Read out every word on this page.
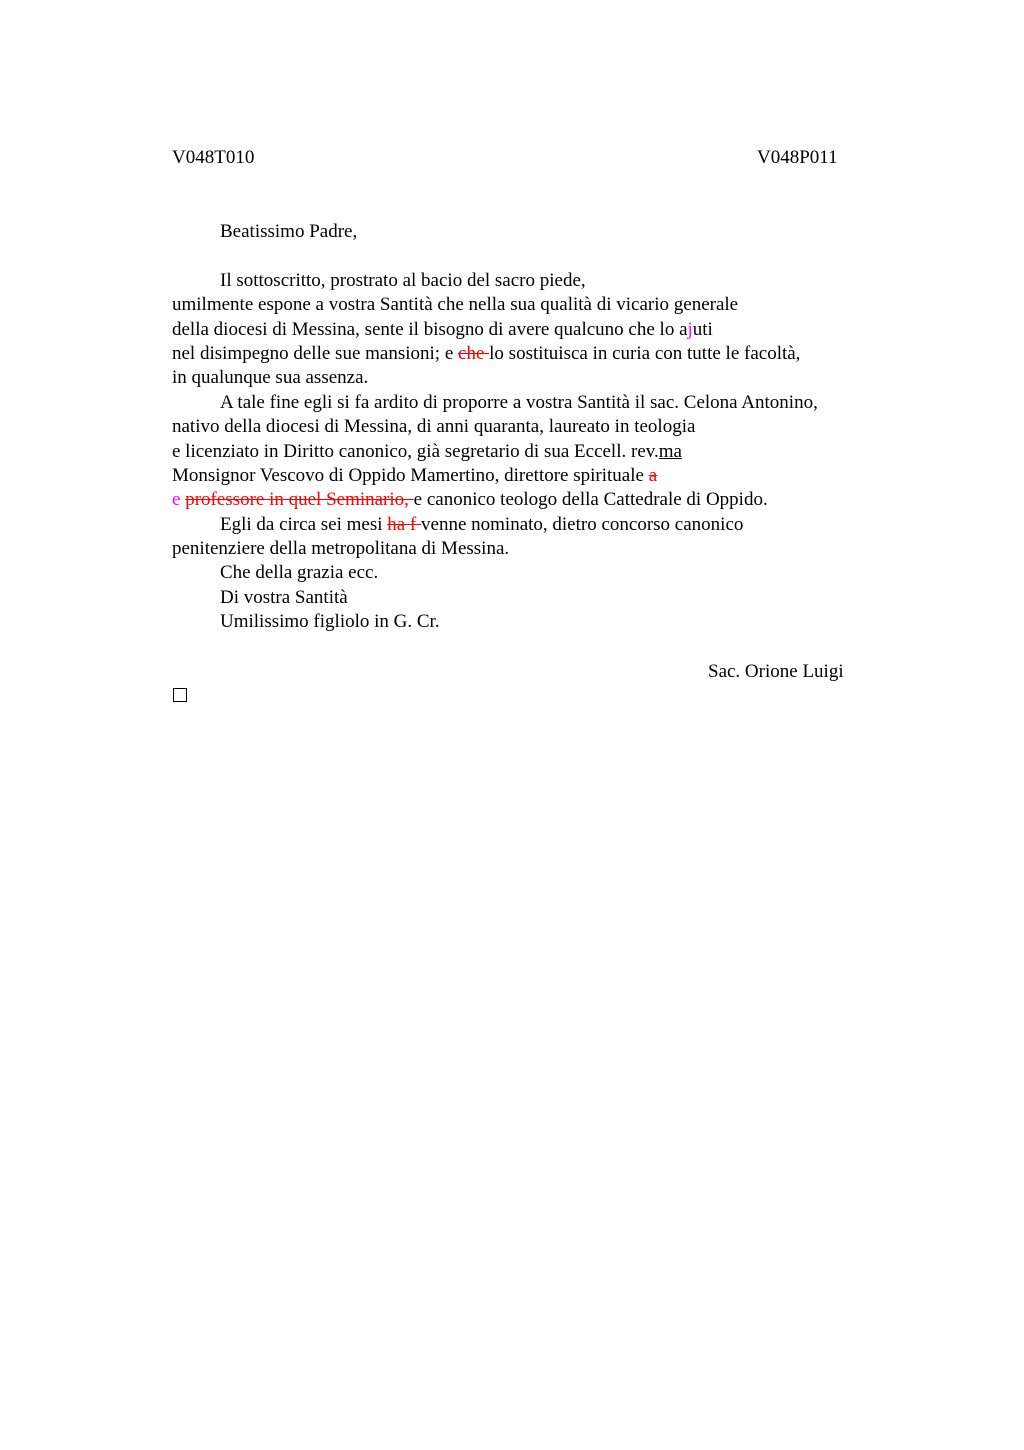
V048T010	V048P011
Beatissimo Padre,
Il sottoscritto, prostrato al bacio del sacro piede,
umilmente espone a vostra Santità che nella sua qualità di vicario generale
della diocesi di Messina, sente il bisogno di avere qualcuno che lo ajuti
nel disimpegno delle sue mansioni; e che lo sostituisca in curia con tutte le facoltà,
in qualunque sua assenza.
A tale fine egli si fa ardito di proporre a vostra Santità il sac. Celona Antonino,
nativo della diocesi di Messina, di anni quaranta, laureato in teologia
e licenziato in Diritto canonico, già segretario di sua Eccell. rev.ma
Monsignor Vescovo di Oppido Mamertino, direttore spirituale a
e professore in quel Seminario, e canonico teologo della Cattedrale di Oppido.
Egli da circa sei mesi ha f venne nominato, dietro concorso canonico
penitenziere della metropolitana di Messina.
Che della grazia ecc.
Di vostra Santità
Umilissimo figliolo in G. Cr.
Sac. Orione Luigi
